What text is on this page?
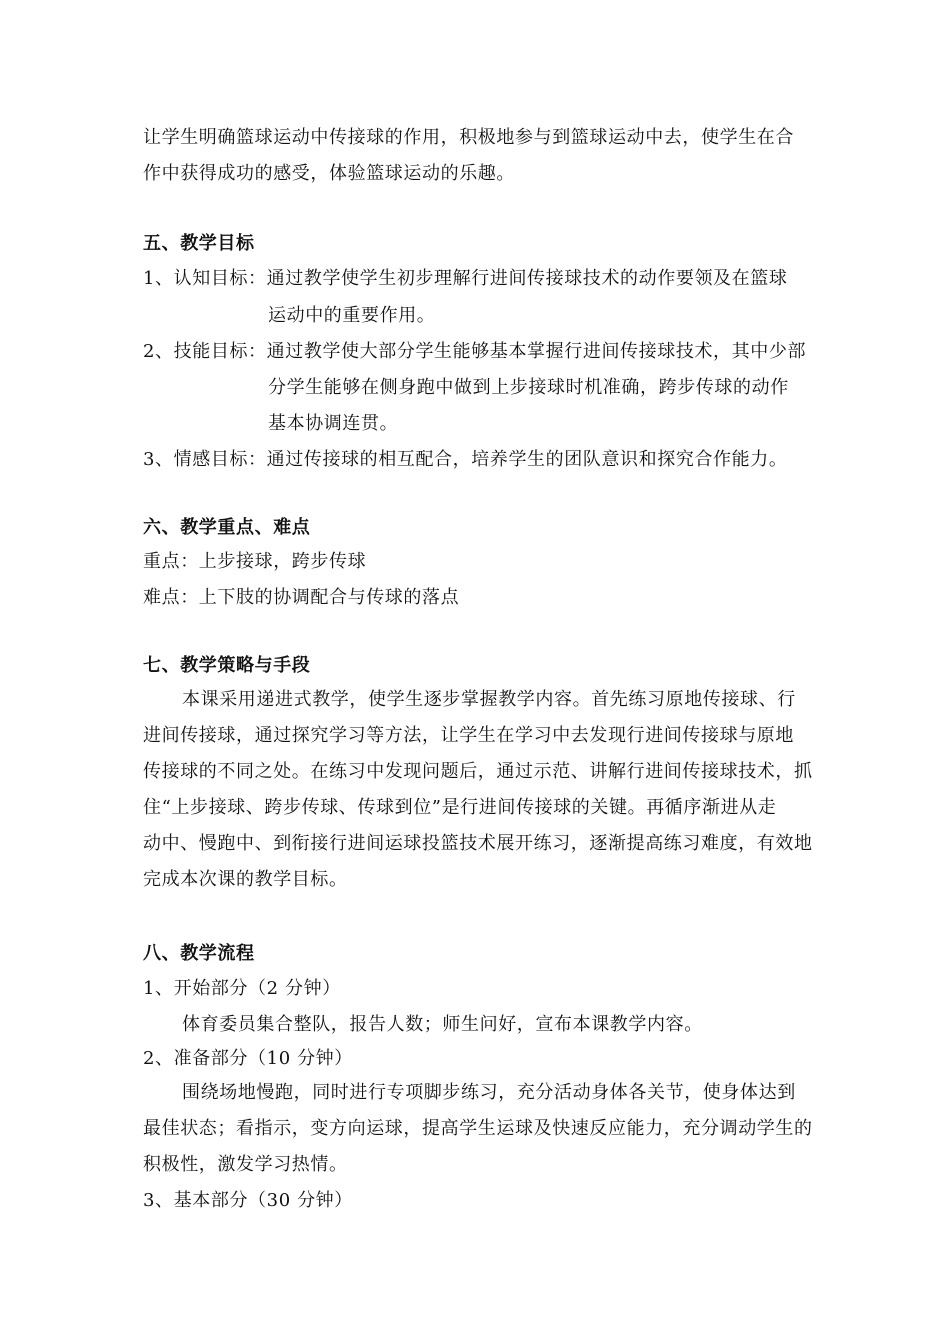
让学生明确篮球运动中传接球的作用，积极地参与到篮球运动中去，使学生在合
作中获得成功的感受，体验篮球运动的乐趣。
五、教学目标
1、认知目标：通过教学使学生初步理解行进间传接球技术的动作要领及在篮球
运动中的重要作用。
2、技能目标：通过教学使大部分学生能够基本掌握行进间传接球技术，其中少部
分学生能够在侧身跑中做到上步接球时机准确，跨步传球的动作
基本协调连贯。
3、情感目标：通过传接球的相互配合，培养学生的团队意识和探究合作能力。
六、教学重点、难点
重点：上步接球，跨步传球
难点：上下肢的协调配合与传球的落点
七、教学策略与手段
本课采用递进式教学，使学生逐步掌握教学内容。首先练习原地传接球、行
进间传接球，通过探究学习等方法，让学生在学习中去发现行进间传接球与原地
传接球的不同之处。在练习中发现问题后，通过示范、讲解行进间传接球技术，抓
住“上步接球、跨步传球、传球到位”是行进间传接球的关键。再循序渐进从走
动中、慢跑中、到衔接行进间运球投篮技术展开练习，逐渐提高练习难度，有效地
完成本次课的教学目标。
八、教学流程
1、开始部分（2 分钟）
体育委员集合整队，报告人数；师生问好，宣布本课教学内容。
2、准备部分（10 分钟）
围绕场地慢跑，同时进行专项脚步练习，充分活动身体各关节，使身体达到
最佳状态；看指示，变方向运球，提高学生运球及快速反应能力，充分调动学生的
积极性，激发学习热情。
3、基本部分（30 分钟）
